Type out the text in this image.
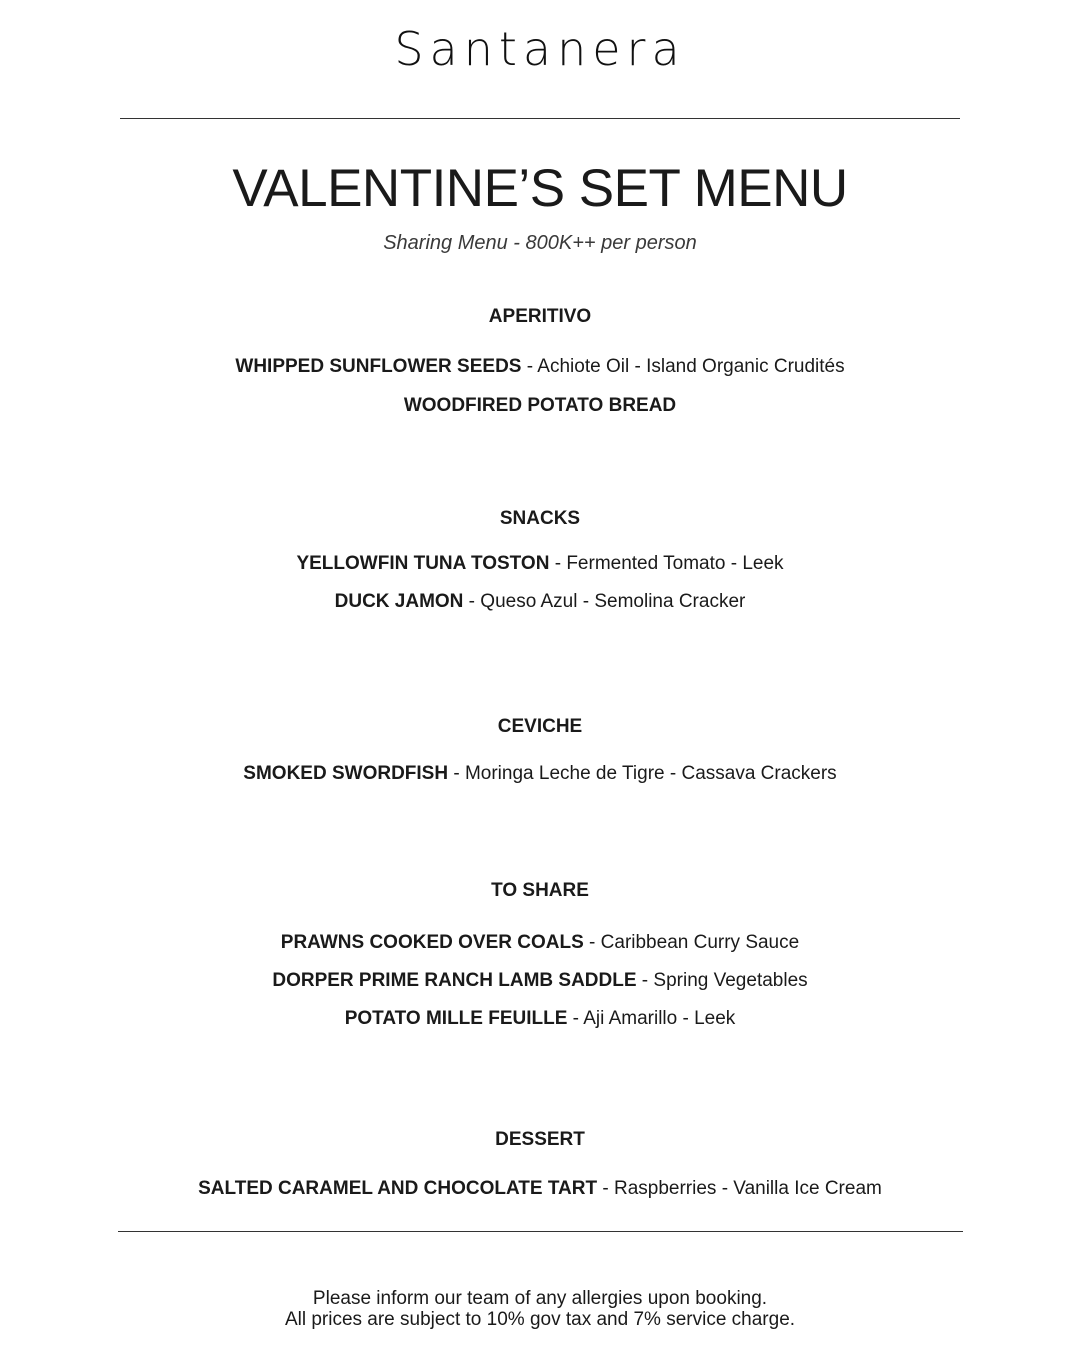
Santanera
VALENTINE’S SET MENU
Sharing Menu - 800K++ per person
APERITIVO
WHIPPED SUNFLOWER SEEDS - Achiote Oil - Island Organic Crudités
WOODFIRED POTATO BREAD
SNACKS
YELLOWFIN TUNA TOSTON - Fermented Tomato - Leek
DUCK JAMON - Queso Azul - Semolina Cracker
CEVICHE
SMOKED SWORDFISH - Moringa Leche de Tigre - Cassava Crackers
TO SHARE
PRAWNS COOKED OVER COALS - Caribbean Curry Sauce
DORPER PRIME RANCH LAMB SADDLE - Spring Vegetables
POTATO MILLE FEUILLE - Aji Amarillo - Leek
DESSERT
SALTED CARAMEL AND CHOCOLATE TART - Raspberries - Vanilla Ice Cream
Please inform our team of any allergies upon booking.
All prices are subject to 10% gov tax and 7% service charge.
